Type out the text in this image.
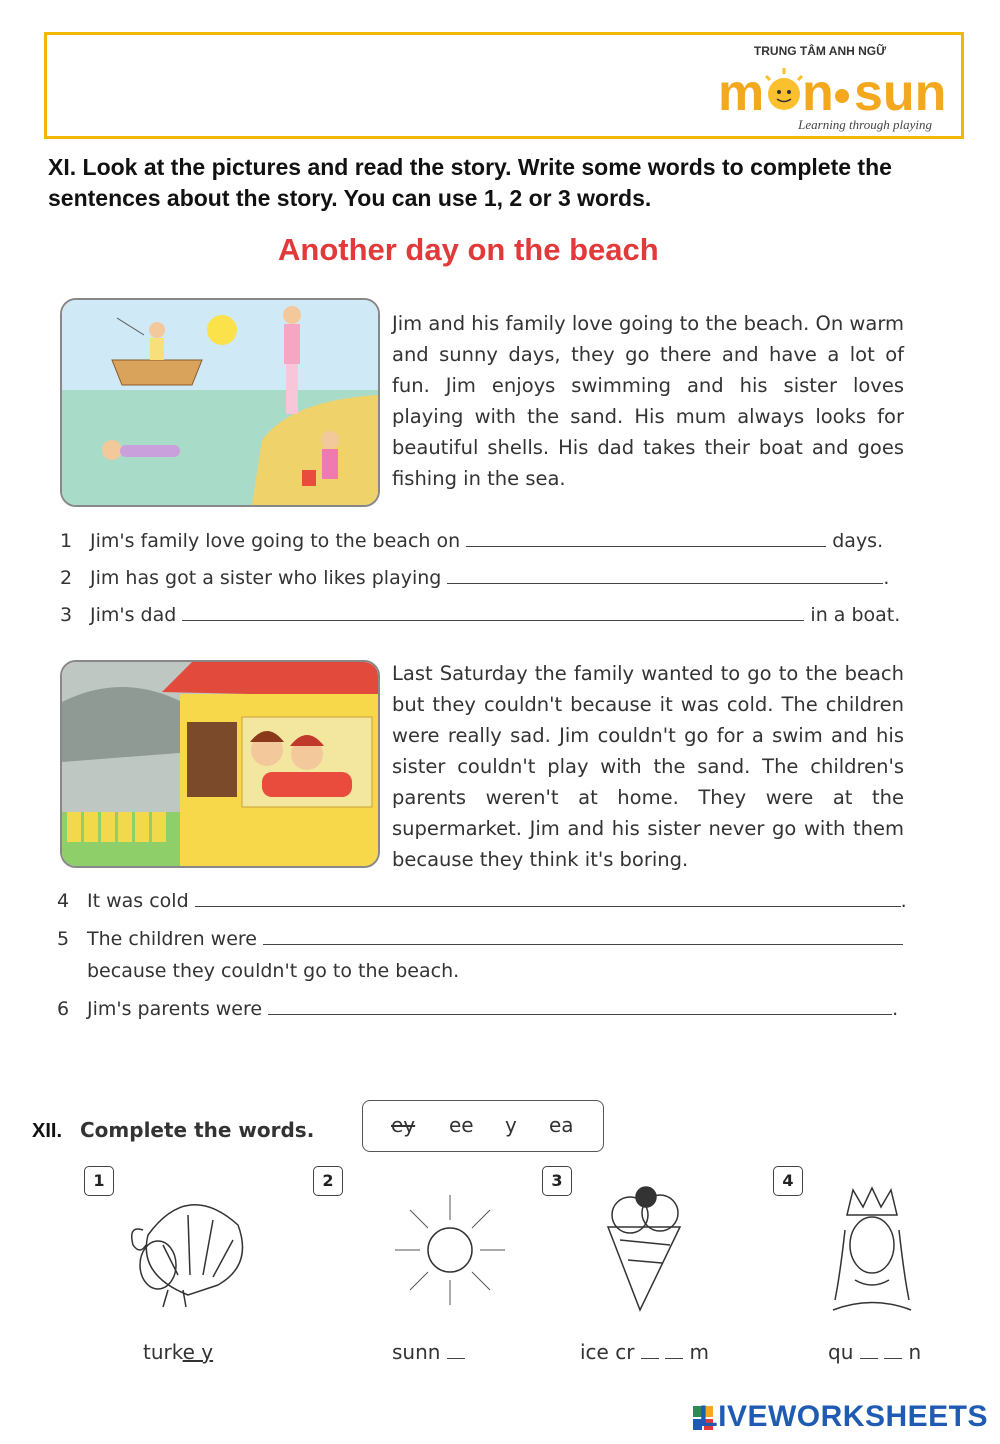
TRUNG TÂM ANH NGỮ
m n sun
Learning through playing
XI. Look at the pictures and read the story. Write some words to complete the sentences about the story. You can use 1, 2 or 3 words.
Another day on the beach
Jim and his family love going to the beach. On warm and sunny days, they go there and have a lot of fun. Jim enjoys swimming and his sister loves playing with the sand. His mum always looks for beautiful shells. His dad takes their boat and goes fishing in the sea.
1 Jim's family love going to the beach on	days.
2 Jim has got a sister who likes playing	.
3 Jim's dad	in a boat.
Last Saturday the family wanted to go to the beach but they couldn't because it was cold. The children were really sad. Jim couldn't go for a swim and his sister couldn't play with the sand. The children's parents weren't at home. They were at the supermarket. Jim and his sister never go with them because they think it's boring.
4 It was cold	.
5 The children were
because they couldn't go to the beach.
6 Jim's parents were	.
XII. Complete the words.	ey ee y ea
1	2	3	4
turke y	sunn	ice cr	m	qu	n
LIVEWORKSHEETS
